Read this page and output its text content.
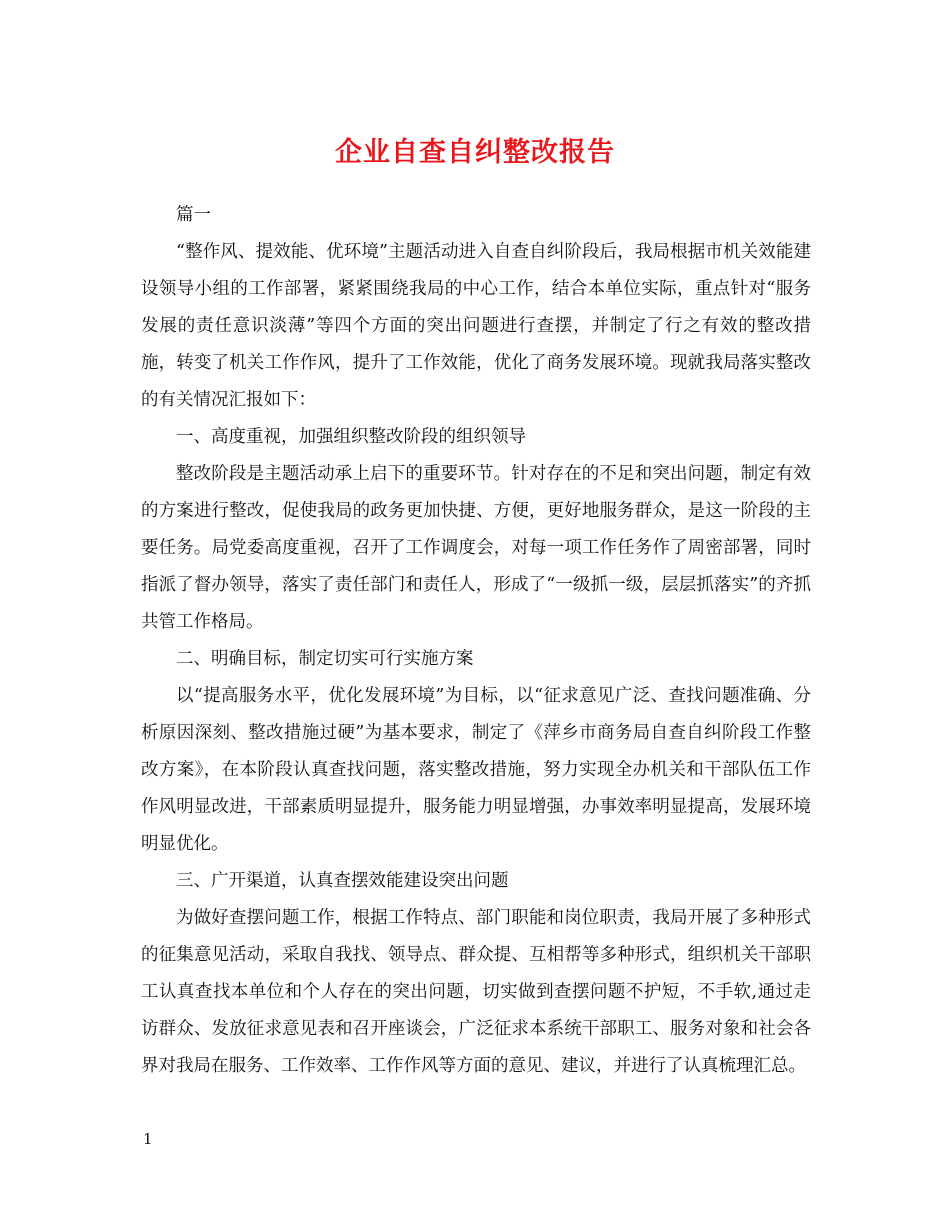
企业自查自纠整改报告

篇一

“整作风、提效能、优环境”主题活动进入自查自纠阶段后，我局根据市机关效能建设领导小组的工作部署，紧紧围绕我局的中心工作，结合本单位实际，重点针对“服务发展的责任意识淡薄”等四个方面的突出问题进行查摆，并制定了行之有效的整改措施，转变了机关工作作风，提升了工作效能，优化了商务发展环境。现就我局落实整改的有关情况汇报如下：

一、高度重视，加强组织整改阶段的组织领导

整改阶段是主题活动承上启下的重要环节。针对存在的不足和突出问题，制定有效的方案进行整改，促使我局的政务更加快捷、方便，更好地服务群众，是这一阶段的主要任务。局党委高度重视，召开了工作调度会，对每一项工作任务作了周密部署，同时指派了督办领导，落实了责任部门和责任人，形成了“一级抓一级，层层抓落实”的齐抓共管工作格局。

二、明确目标，制定切实可行实施方案

以“提高服务水平，优化发展环境”为目标，以“征求意见广泛、查找问题准确、分析原因深刻、整改措施过硬”为基本要求，制定了《萍乡市商务局自查自纠阶段工作整改方案》，在本阶段认真查找问题，落实整改措施，努力实现全办机关和干部队伍工作作风明显改进，干部素质明显提升，服务能力明显增强，办事效率明显提高，发展环境明显优化。

三、广开渠道，认真查摆效能建设突出问题

为做好查摆问题工作，根据工作特点、部门职能和岗位职责，我局开展了多种形式的征集意见活动，采取自我找、领导点、群众提、互相帮等多种形式，组织机关干部职工认真查找本单位和个人存在的突出问题，切实做到查摆问题不护短，不手软,通过走访群众、发放征求意见表和召开座谈会，广泛征求本系统干部职工、服务对象和社会各界对我局在服务、工作效率、工作作风等方面的意见、建议，并进行了认真梳理汇总。

1
